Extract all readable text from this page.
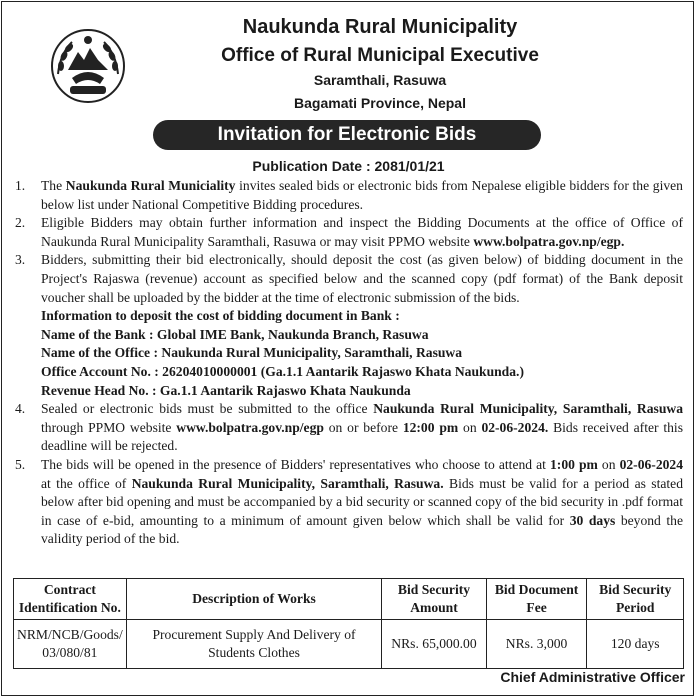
Naukunda Rural Municipality
Office of Rural Municipal Executive
Saramthali, Rasuwa
Bagamati Province, Nepal
Invitation for Electronic Bids
Publication Date : 2081/01/21
1.	The Naukunda Rural Municiality invites sealed bids or electronic bids from Nepalese eligible bidders for the given below list under National Competitive Bidding procedures.
2.	Eligible Bidders may obtain further information and inspect the Bidding Documents at the office of Office of Naukunda Rural Municipality Saramthali, Rasuwa or may visit PPMO website www.bolpatra.gov.np/egp.
3.	Bidders, submitting their bid electronically, should deposit the cost (as given below) of bidding document in the Project's Rajaswa (revenue) account as specified below and the scanned copy (pdf format) of the Bank deposit voucher shall be uploaded by the bidder at the time of electronic submission of the bids.
Information to deposit the cost of bidding document in Bank :
Name of the Bank : Global IME Bank, Naukunda Branch, Rasuwa
Name of the Office : Naukunda Rural Municipality, Saramthali, Rasuwa
Office Account No. : 26204010000001 (Ga.1.1 Aantarik Rajaswo Khata Naukunda.)
Revenue Head No. : Ga.1.1 Aantarik Rajaswo Khata Naukunda
4.	Sealed or electronic bids must be submitted to the office Naukunda Rural Municipality, Saramthali, Rasuwa through PPMO website www.bolpatra.gov.np/egp on or before 12:00 pm on 02-06-2024. Bids received after this deadline will be rejected.
5.	The bids will be opened in the presence of Bidders' representatives who choose to attend at 1:00 pm on 02-06-2024 at the office of Naukunda Rural Municipality, Saramthali, Rasuwa. Bids must be valid for a period as stated below after bid opening and must be accompanied by a bid security or scanned copy of the bid security in .pdf format in case of e-bid, amounting to a minimum of amount given below which shall be valid for 30 days beyond the validity period of the bid.
Contract Identification No.	Description of Works	Bid Security Amount	Bid Document Fee	Bid Security Period
NRM/NCB/Goods/ 03/080/81	Procurement Supply And Delivery of Students Clothes	NRs. 65,000.00	NRs. 3,000	120 days
Chief Administrative Officer
